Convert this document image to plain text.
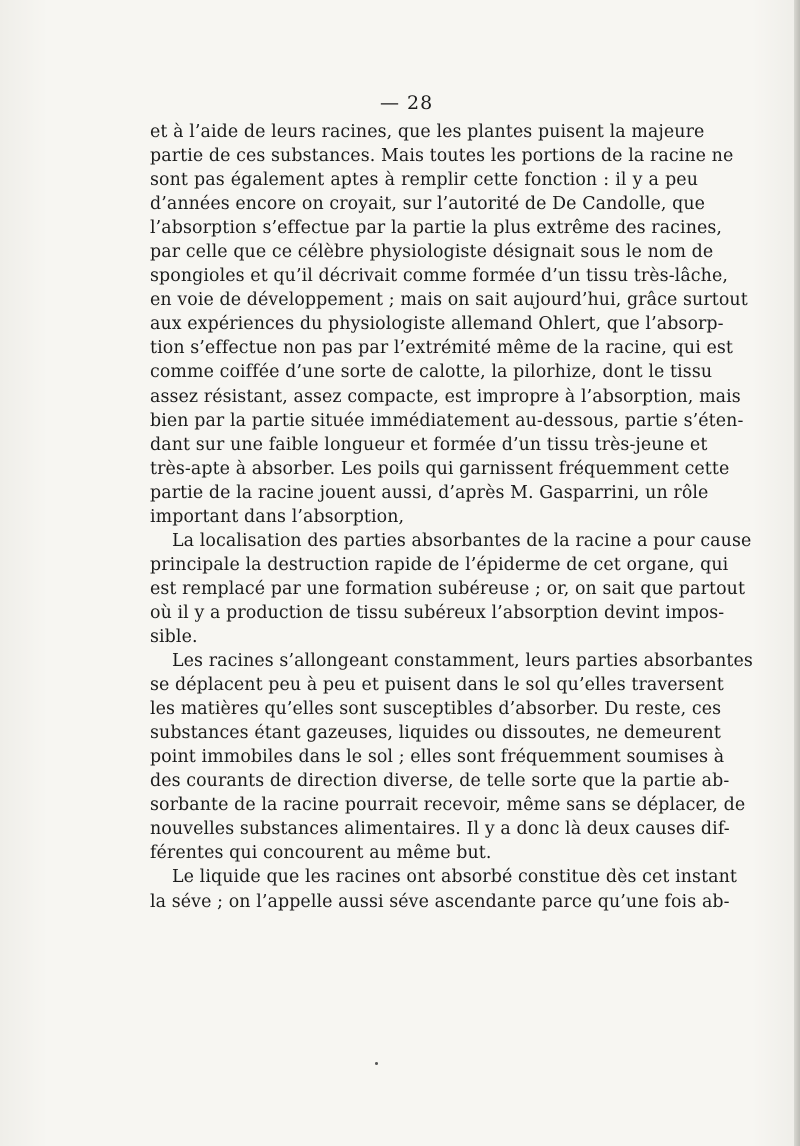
— 28
et à l’aide de leurs racines, que les plantes puisent la majeure
partie de ces substances. Mais toutes les portions de la racine ne
sont pas également aptes à remplir cette fonction : il y a peu
d’années encore on croyait, sur l’autorité de De Candolle, que
l’absorption s’effectue par la partie la plus extrême des racines,
par celle que ce célèbre physiologiste désignait sous le nom de
spongioles et qu’il décrivait comme formée d’un tissu très-lâche,
en voie de développement ; mais on sait aujourd’hui, grâce surtout
aux expériences du physiologiste allemand Ohlert, que l’absorp-
tion s’effectue non pas par l’extrémité même de la racine, qui est
comme coiffée d’une sorte de calotte, la pilorhize, dont le tissu
assez résistant, assez compacte, est impropre à l’absorption, mais
bien par la partie située immédiatement au-dessous, partie s’éten-
dant sur une faible longueur et formée d’un tissu très-jeune et
très-apte à absorber. Les poils qui garnissent fréquemment cette
partie de la racine jouent aussi, d’après M. Gasparrini, un rôle
important dans l’absorption,
La localisation des parties absorbantes de la racine a pour cause
principale la destruction rapide de l’épiderme de cet organe, qui
est remplacé par une formation subéreuse ; or, on sait que partout
où il y a production de tissu subéreux l’absorption devint impos-
sible.
Les racines s’allongeant constamment, leurs parties absorbantes
se déplacent peu à peu et puisent dans le sol qu’elles traversent
les matières qu’elles sont susceptibles d’absorber. Du reste, ces
substances étant gazeuses, liquides ou dissoutes, ne demeurent
point immobiles dans le sol ; elles sont fréquemment soumises à
des courants de direction diverse, de telle sorte que la partie ab-
sorbante de la racine pourrait recevoir, même sans se déplacer, de
nouvelles substances alimentaires. Il y a donc là deux causes dif-
férentes qui concourent au même but.
Le liquide que les racines ont absorbé constitue dès cet instant
la séve ; on l’appelle aussi séve ascendante parce qu’une fois ab-
